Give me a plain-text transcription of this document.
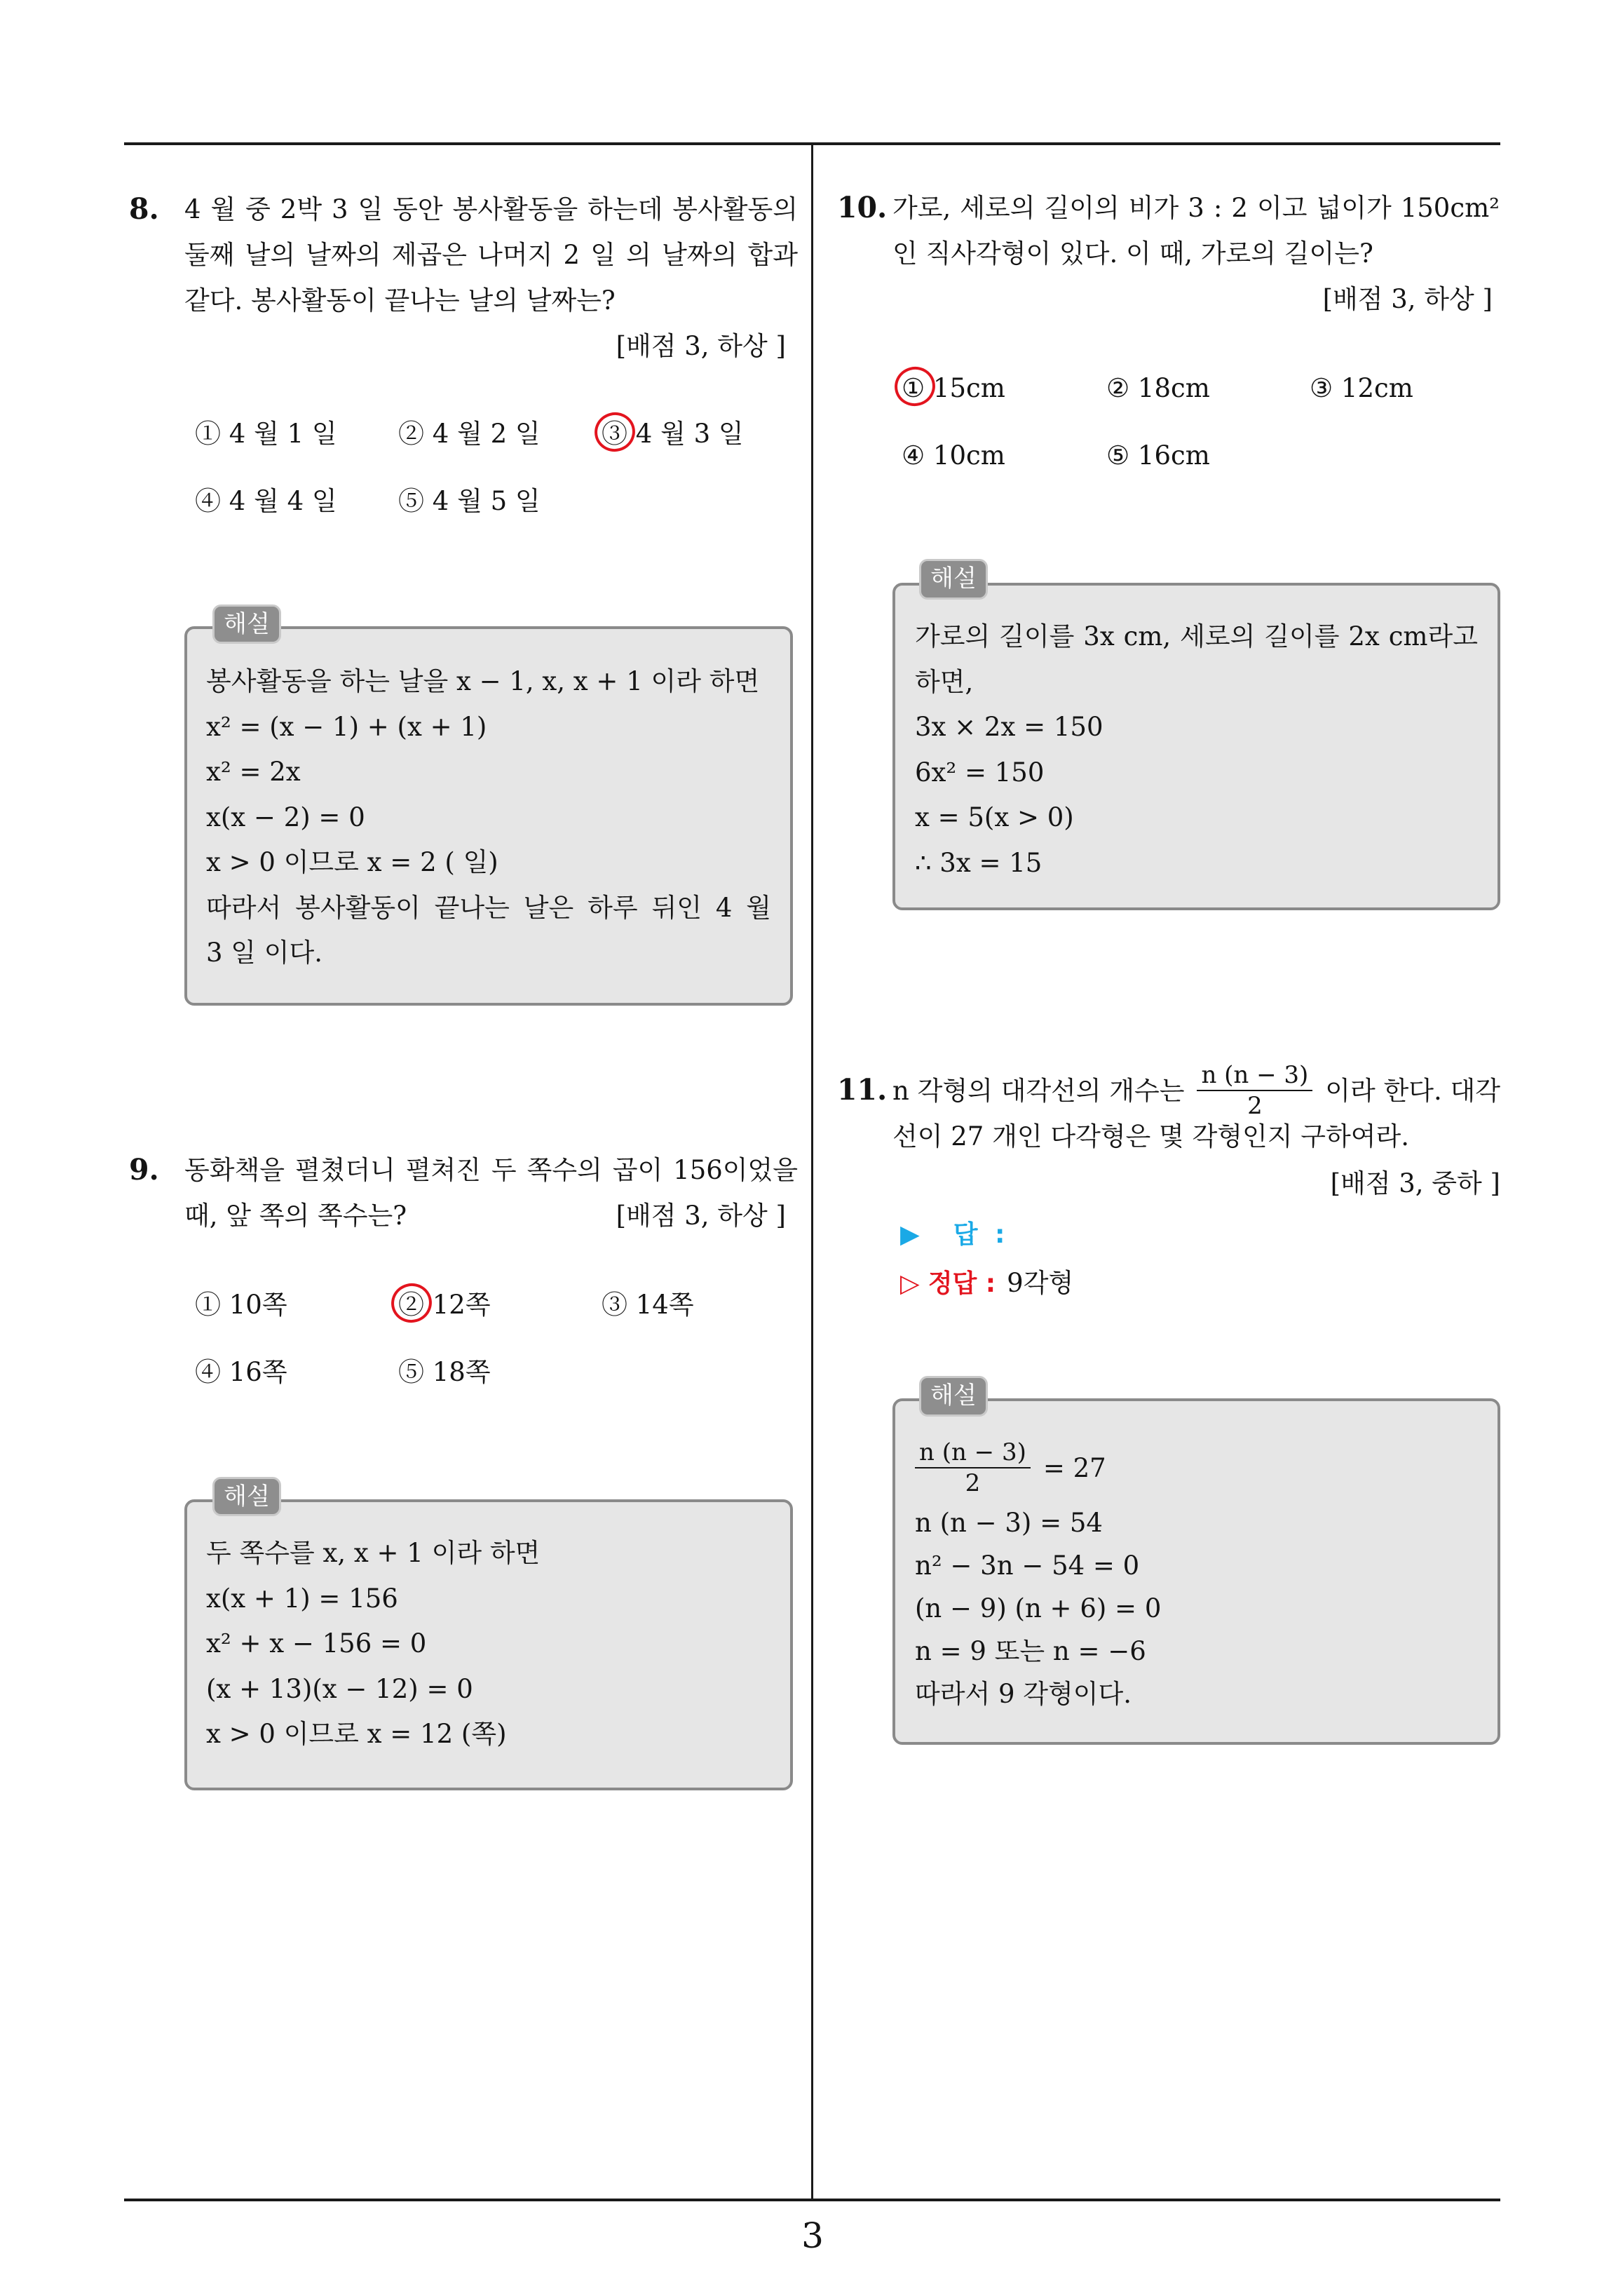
3
8. 4 월 중 2박 3 일 동안 봉사활동을 하는데 봉사활동의
둘째 날의 날짜의 제곱은 나머지 2 일 의 날짜의 합과
같다. 봉사활동이 끝나는 날의 날짜는?
[배점 3, 하상 ]
① 4 월 1 일 ② 4 월 2 일 ③ 4 월 3 일
④ 4 월 4 일 ⑤ 4 월 5 일
봉사활동을 하는 날을 x − 1, x, x + 1 이라 하면
x² = (x − 1) + (x + 1)
x² = 2x
x(x − 2) = 0
x > 0 이므로 x = 2 ( 일)
따라서 봉사활동이 끝나는 날은 하루 뒤인 4 월
3 일 이다.
해설
9. 동화책을 펼쳤더니 펼쳐진 두 쪽수의 곱이 156이었을
때, 앞 쪽의 쪽수는?	[배점 3, 하상 ]
① 10쪽	② 12쪽	③ 14쪽
④ 16쪽	⑤ 18쪽
두 쪽수를 x, x + 1 이라 하면
x(x + 1) = 156
x² + x − 156 = 0
(x + 13)(x − 12) = 0
x > 0 이므로 x = 12 (쪽)
해설
10. 가로, 세로의 길이의 비가 3 : 2 이고 넓이가 150cm²
인 직사각형이 있다. 이 때, 가로의 길이는?
[배점 3, 하상 ]
① 15cm	② 18cm	③ 12cm
④ 10cm	⑤ 16cm
가로의 길이를 3x cm, 세로의 길이를 2x cm라고
하면,
3x × 2x = 150
6x² = 150
x = 5(x > 0)
∴ 3x = 15
해설
11. n 각형의 대각선의 개수는 $\frac{n (n - 3)}{2}$ 이라 한다. 대각
선이 27 개인 다각형은 몇 각형인지 구하여라.
[배점 3, 중하 ]
▶ 답 :
▷ 정답 : 9각형
$\frac{n (n - 3)}{2} = 27$
n (n − 3) = 54
n² − 3n − 54 = 0
(n − 9) (n + 6) = 0
n = 9 또는 n = −6
따라서 9 각형이다.
해설
